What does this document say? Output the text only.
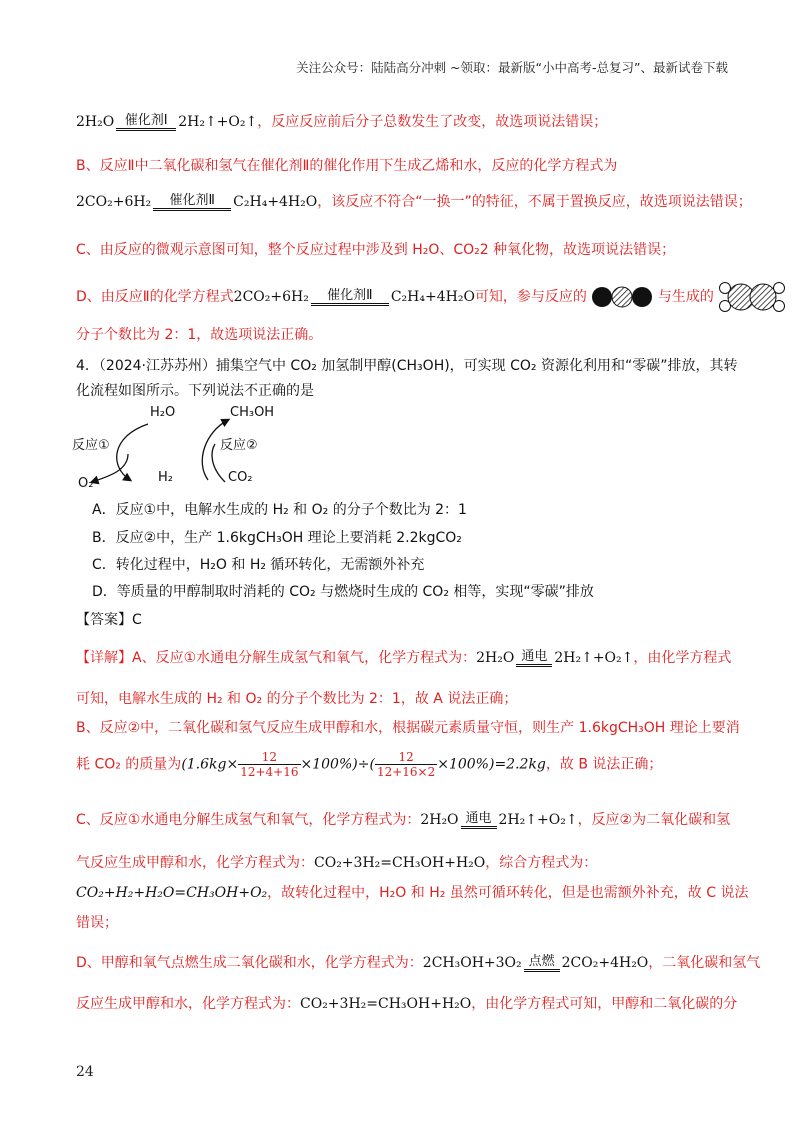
关注公众号：陆陆高分冲刺 ~领取：最新版“小中高考-总复习”、最新试卷下载
2H₂O 催化剂Ⅰ 2H₂↑+O₂↑，反应反应前后分子总数发生了改变，故选项说法错误；
B、反应Ⅱ中二氧化碳和氢气在催化剂Ⅱ的催化作用下生成乙烯和水，反应的化学方程式为
2CO₂+6H₂	催化剂Ⅱ	C₂H₄+4H₂O，该反应不符合“一换一”的特征，不属于置换反应，故选项说法错误；
C、由反应的微观示意图可知，整个反应过程中涉及到 H₂O、CO₂2 种氧化物，故选项说法错误；
D、由反应Ⅱ的化学方程式2CO₂+6H₂	催化剂Ⅱ	C₂H₄+4H₂O可知，参与反应的	与生成的
分子个数比为 2：1，故选项说法正确。
4．（2024·江苏苏州）捕集空气中 CO₂ 加氢制甲醇(CH₃OH)，可实现 CO₂ 资源化利用和“零碳”排放，其转
化流程如图所示。下列说法不正确的是
H₂O	CH₃OH
反应①	反应②
O₂	H₂	CO₂
A．反应①中，电解水生成的 H₂ 和 O₂ 的分子个数比为 2：1
B．反应②中，生产 1.6kgCH₃OH 理论上要消耗 2.2kgCO₂
C．转化过程中，H₂O 和 H₂ 循环转化，无需额外补充
D．等质量的甲醇制取时消耗的 CO₂ 与燃烧时生成的 CO₂ 相等，实现“零碳”排放
【答案】C
【详解】A、反应①水通电分解生成氢气和氧气，化学方程式为：2H₂O 通电 2H₂↑+O₂↑，由化学方程式
可知，电解水生成的 H₂ 和 O₂ 的分子个数比为 2：1，故 A 说法正确；
B、反应②中，二氧化碳和氢气反应生成甲醇和水，根据碳元素质量守恒，则生产 1.6kgCH₃OH 理论上要消
耗 CO₂ 的质量为$(1.6kg\times \frac{12}{12+4+16} \times 100\%)\div( \frac{12}{12+16\times 2} \times 100\%)=2.2kg$，故 B 说法正确；
C、反应①水通电分解生成氢气和氧气，化学方程式为：2H₂O 通电 2H₂↑+O₂↑，反应②为二氧化碳和氢
气反应生成甲醇和水，化学方程式为：CO₂+3H₂=CH₃OH+H₂O，综合方程式为：
CO₂+H₂+H₂O=CH₃OH+O₂，故转化过程中，H₂O 和 H₂ 虽然可循环转化，但是也需额外补充，故 C 说法
错误；
D、甲醇和氧气点燃生成二氧化碳和水，化学方程式为：2CH₃OH+3O₂ 点燃 2CO₂+4H₂O，二氧化碳和氢气
反应生成甲醇和水，化学方程式为：CO₂+3H₂=CH₃OH+H₂O，由化学方程式可知，甲醇和二氧化碳的分
24
